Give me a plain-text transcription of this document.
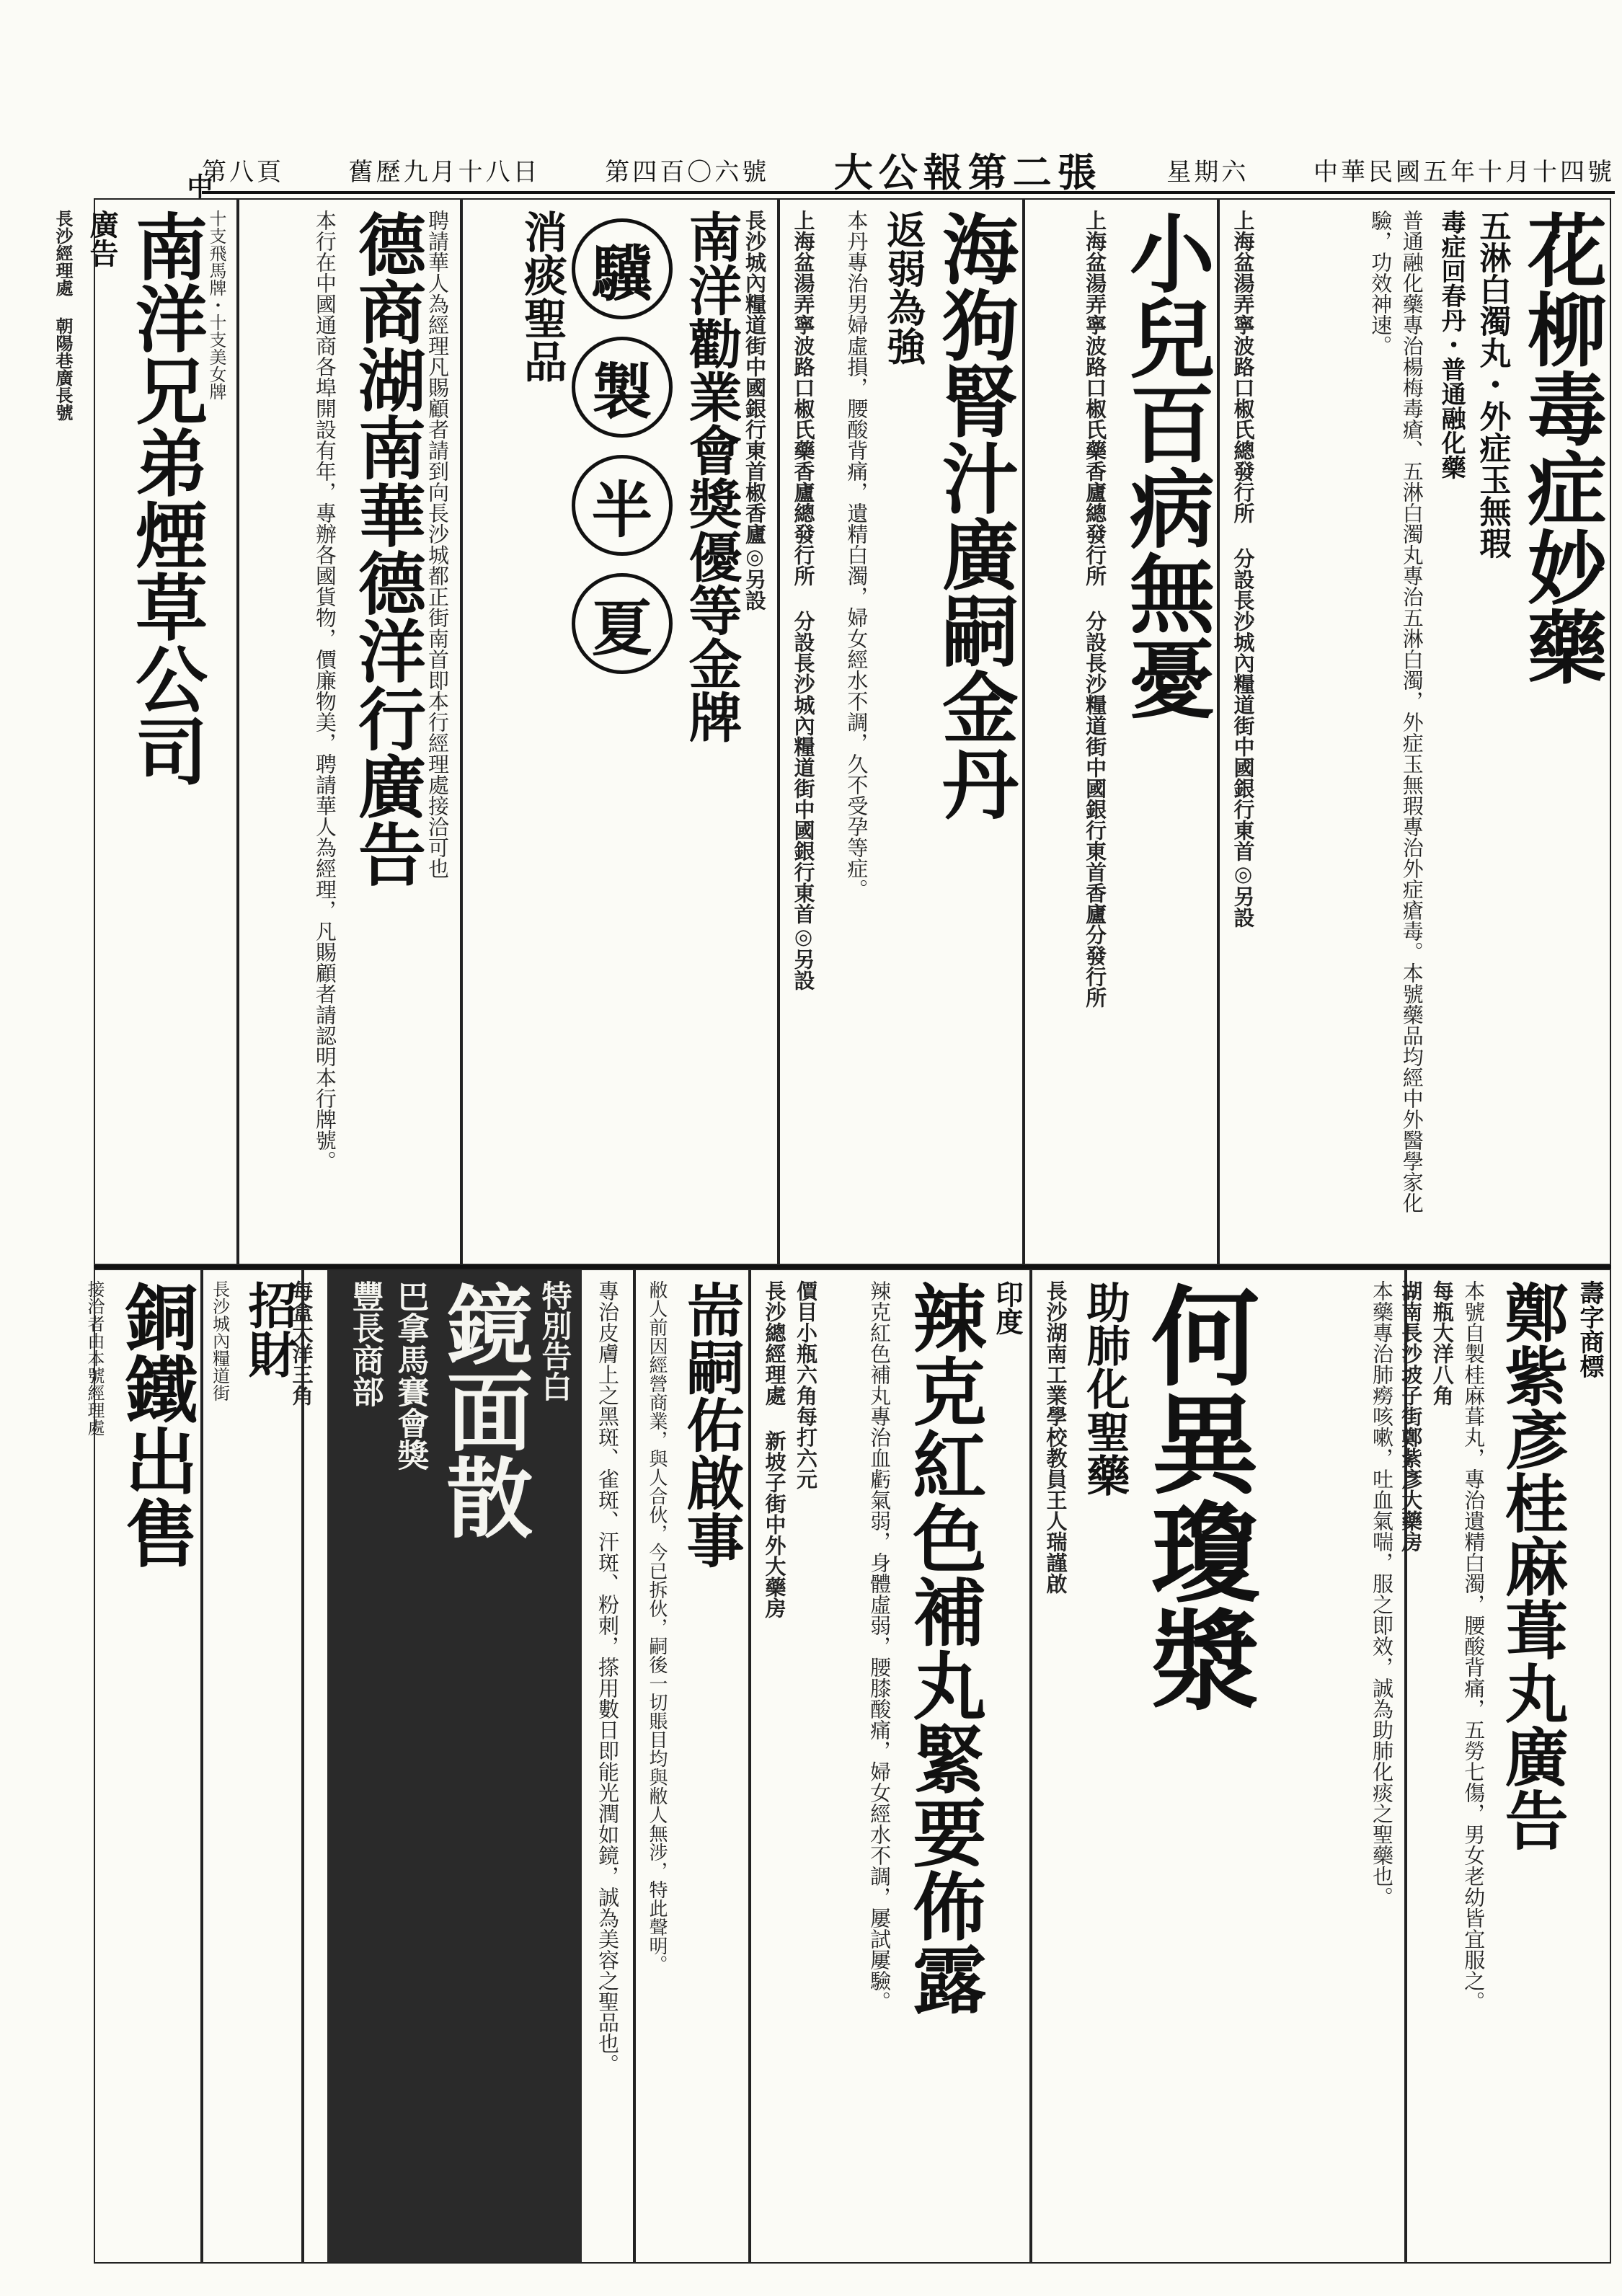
中華民國五年十月十四號
星期六
大公報第二張
第四百〇六號
舊歷九月十八日
第八頁
中
花柳毒症妙藥
五淋白濁丸・外症玉無瑕
毒症回春丹・普通融化藥
普通融化藥專治楊梅毒瘡、五淋白濁丸專治五淋白濁，外症玉無瑕專治外症瘡毒。本號藥品均經中外醫學家化驗，功效神速。
上海盆湯弄寧波路口椒氏總發行所 分設長沙城內糧道街中國銀行東首◎另設
小兒百病無憂
上海盆湯弄寧波路口椒氏藥香廬總發行所 分設長沙糧道街中國銀行東首香廬分發行所
海狗腎汁廣嗣金丹
返弱為強
本丹專治男婦虛損，腰酸背痛，遺精白濁，婦女經水不調，久不受孕等症。
上海盆湯弄寧波路口椒氏藥香廬總發行所 分設長沙城內糧道街中國銀行東首◎另設
長沙城內糧道街中國銀行東首椒香廬◎另設
南洋勸業會獎優等金牌
驥
製
半
夏
消痰聖品
聘請華人為經理凡賜顧者請到向長沙城都正街南首即本行經理處接洽可也
德商湖南華德洋行廣告
本行在中國通商各埠開設有年，專辦各國貨物，價廉物美，聘請華人為經理，凡賜顧者請認明本行牌號。
十支飛馬牌・十支美女牌
南洋兄弟煙草公司
廣告
長沙經理處 朝陽巷廣長號
壽字商標
鄭紫彥桂麻葺丸廣告
本號自製桂麻葺丸，專治遺精白濁，腰酸背痛，五勞七傷，男女老幼皆宜服之。
每瓶大洋八角
湖南長沙坡子街鄭紫彥大藥房
本藥專治肺癆咳嗽，吐血氣喘，服之即效，誠為助肺化痰之聖藥也。
何異瓊漿
助肺化聖藥
長沙湖南工業學校教員王人瑞謹啟
印度
辣克紅色補丸緊要佈露
辣克紅色補丸專治血虧氣弱，身體虛弱，腰膝酸痛，婦女經水不調，屢試屢驗。
價目小瓶六角每打六元
長沙總經理處 新坡子街中外大藥房
耑嗣佑啟事
敝人前因經營商業，與人合伙，今已拆伙，嗣後一切賬目均與敝人無涉，特此聲明。
專治皮膚上之黑斑、雀斑、汗斑、粉刺，搽用數日即能光潤如鏡，誠為美容之聖品也。
特別告白
鏡面散
巴拿馬賽會獎
豐長商部
每盒大洋三角
招財
長沙城內糧道街
銅鐵出售
接洽者由本號經理處
